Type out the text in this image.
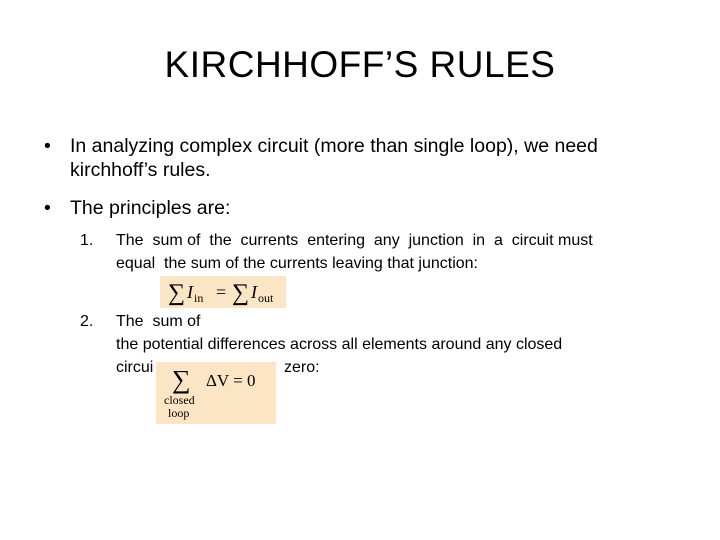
KIRCHHOFF’S RULES
• In analyzing complex circuit (more than single loop), we need kirchhoff’s rules.
• The principles are:
1. The  sum of  the  currents  entering  any  junction  in  a  circuit must
equal  the sum of the currents leaving that junction:
2. The  sum of
the potential differences across all elements around any closed
circui	zero:
∑ I in = ∑ I out
∑
closed
loop
ΔV = 0
